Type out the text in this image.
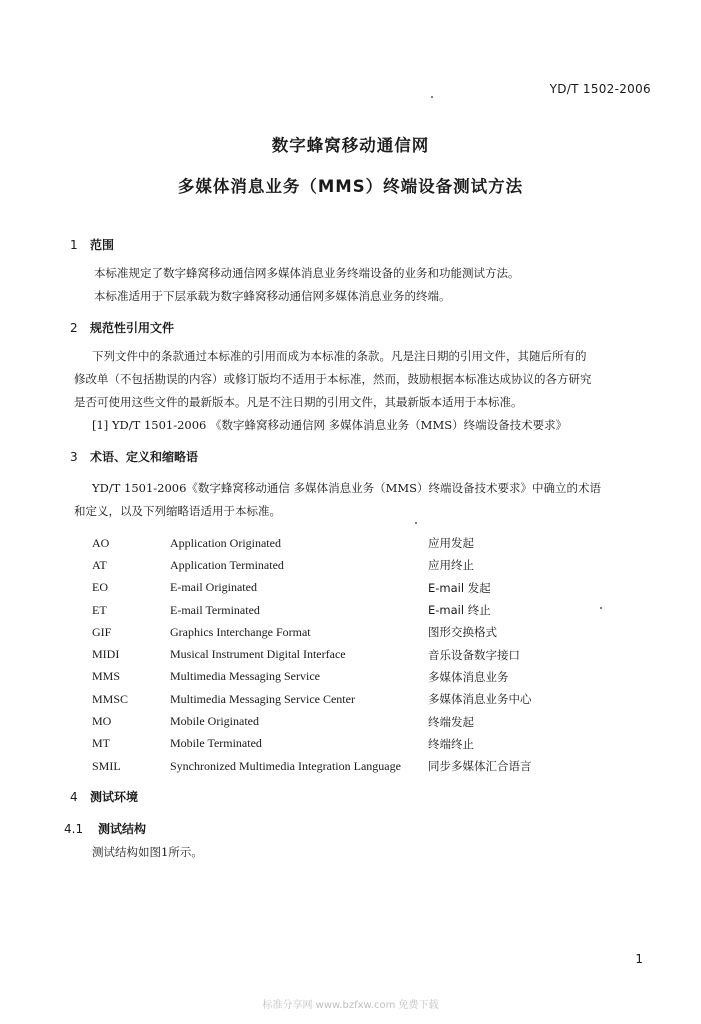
YD/T 1502-2006
数字蜂窝移动通信网
多媒体消息业务（MMS）终端设备测试方法
1 范围
本标准规定了数字蜂窝移动通信网多媒体消息业务终端设备的业务和功能测试方法。
本标准适用于下层承载为数字蜂窝移动通信网多媒体消息业务的终端。
2 规范性引用文件
下列文件中的条款通过本标准的引用而成为本标准的条款。凡是注日期的引用文件，其随后所有的
修改单（不包括勘误的内容）或修订版均不适用于本标准，然而，鼓励根据本标准达成协议的各方研究
是否可使用这些文件的最新版本。凡是不注日期的引用文件，其最新版本适用于本标准。
[1] YD/T 1501-2006 《数字蜂窝移动通信网 多媒体消息业务（MMS）终端设备技术要求》
3 术语、定义和缩略语
YD/T 1501-2006《数字蜂窝移动通信 多媒体消息业务（MMS）终端设备技术要求》中确立的术语
和定义，以及下列缩略语适用于本标准。
AO	Application Originated	应用发起
AT	Application Terminated	应用终止
EO	E-mail Originated	E-mail 发起
ET	E-mail Terminated	E-mail 终止
GIF	Graphics Interchange Format	图形交换格式
MIDI	Musical Instrument Digital Interface	音乐设备数字接口
MMS	Multimedia Messaging Service	多媒体消息业务
MMSC	Multimedia Messaging Service Center	多媒体消息业务中心
MO	Mobile Originated	终端发起
MT	Mobile Terminated	终端终止
SMIL	Synchronized Multimedia Integration Language	同步多媒体汇合语言
4 测试环境
4.1 测试结构
测试结构如图1所示。
1
标准分享网 www.bzfxw.com 免费下载
